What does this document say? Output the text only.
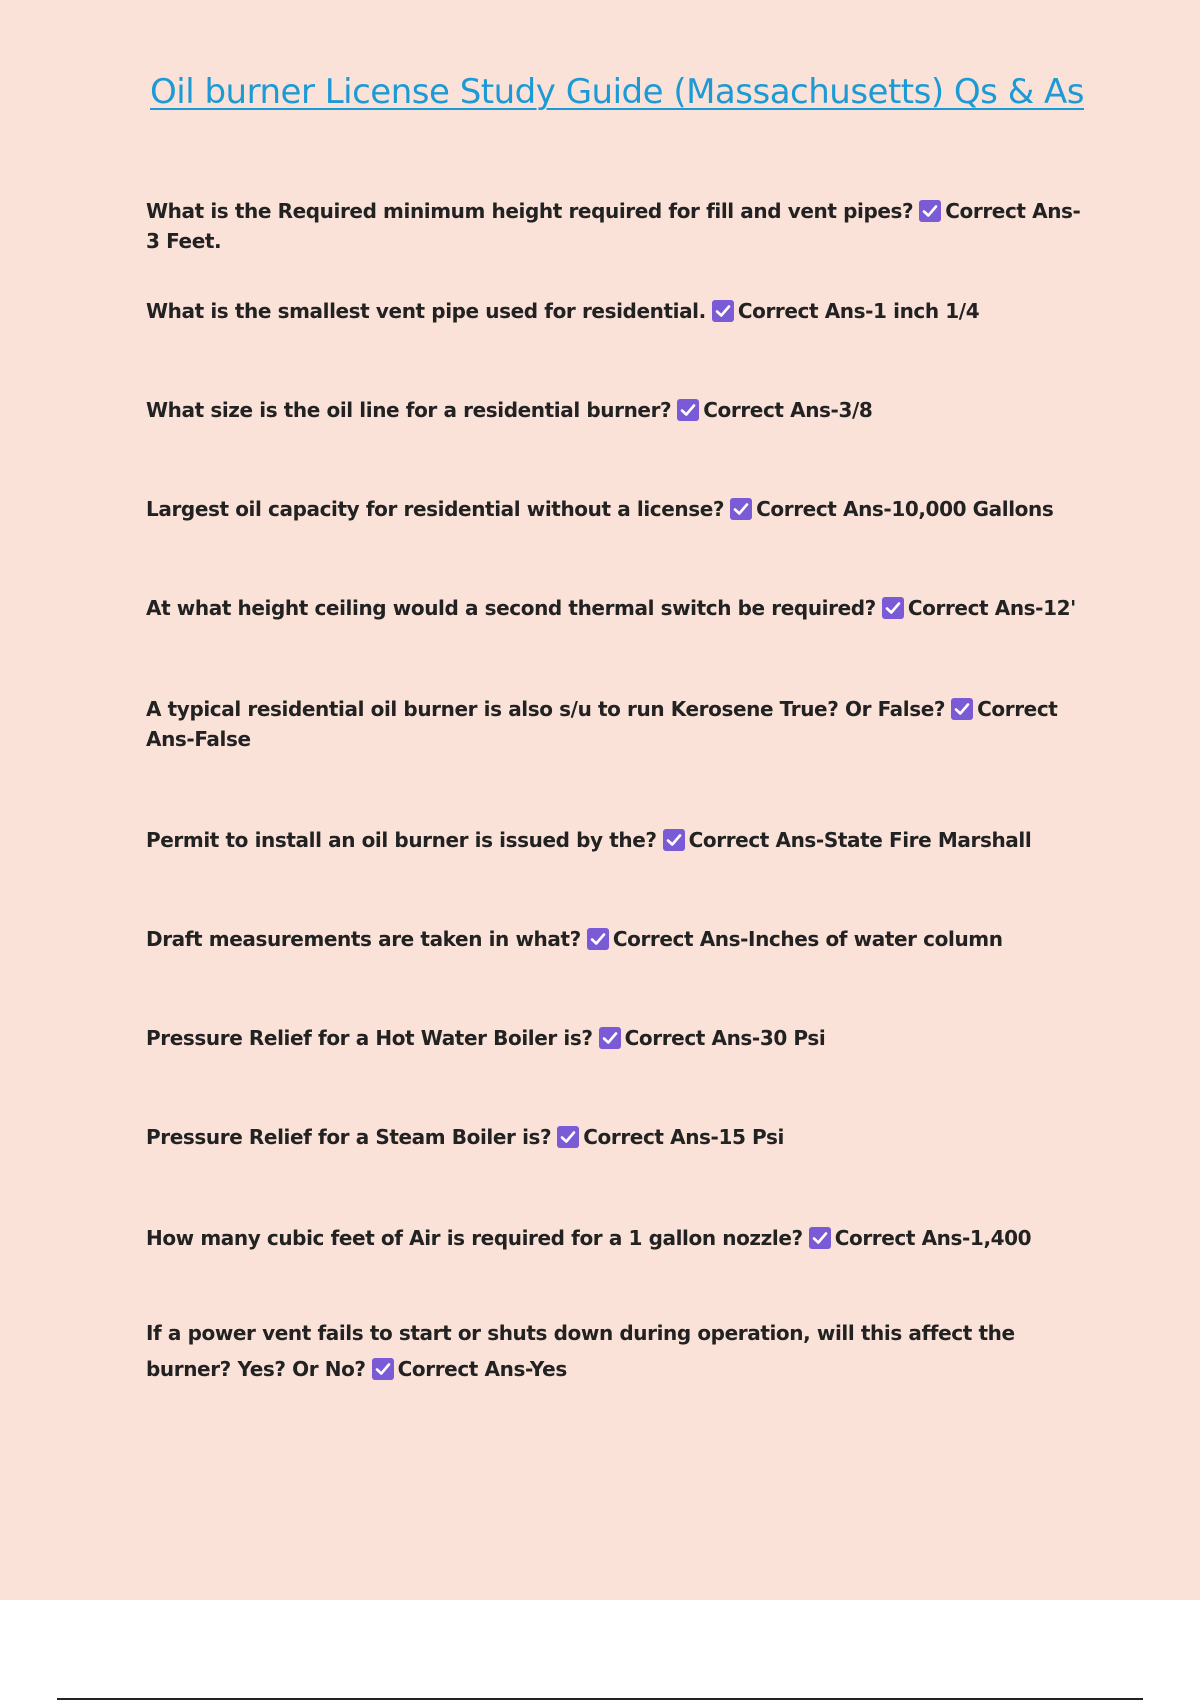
Oil burner License Study Guide (Massachusetts) Qs & As

What is the Required minimum height required for fill and vent pipes? Correct Ans-3 Feet.

What is the smallest vent pipe used for residential. Correct Ans-1 inch 1/4

What size is the oil line for a residential burner? Correct Ans-3/8

Largest oil capacity for residential without a license? Correct Ans-10,000 Gallons

At what height ceiling would a second thermal switch be required? Correct Ans-12'

A typical residential oil burner is also s/u to run Kerosene True? Or False? Correct Ans-False

Permit to install an oil burner is issued by the? Correct Ans-State Fire Marshall

Draft measurements are taken in what? Correct Ans-Inches of water column

Pressure Relief for a Hot Water Boiler is? Correct Ans-30 Psi

Pressure Relief for a Steam Boiler is? Correct Ans-15 Psi

How many cubic feet of Air is required for a 1 gallon nozzle? Correct Ans-1,400

If a power vent fails to start or shuts down during operation, will this affect the burner? Yes? Or No? Correct Ans-Yes
